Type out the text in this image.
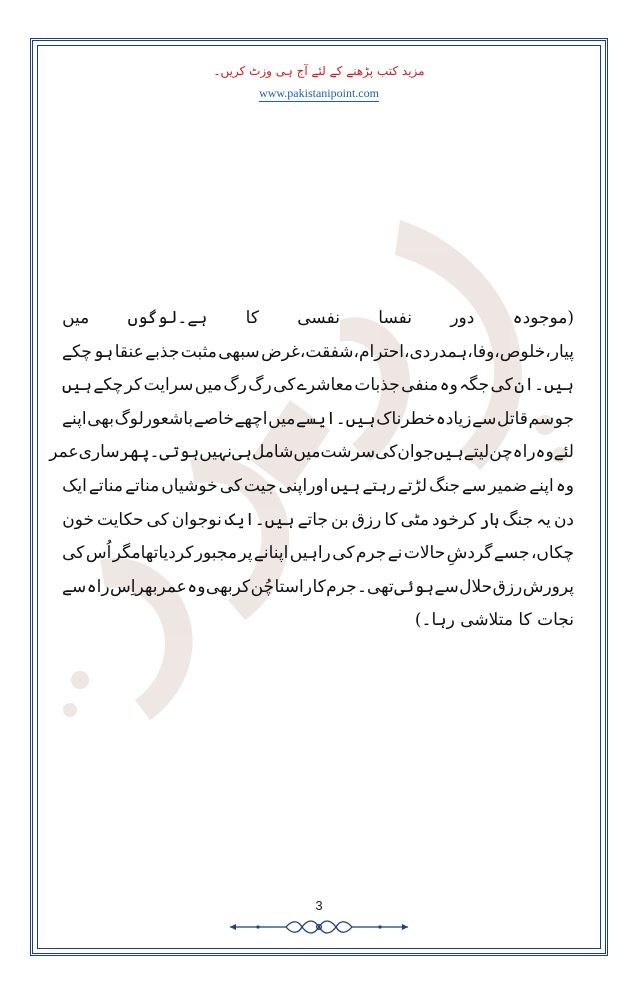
مزید کتب پڑھنے کے لئے آج ہی وزٹ کریں۔
www.pakistanipoint.com
(موجودہ
دور
نفسا
نفسی
کا
ہے۔لوگوں
میں
پیار،خلوص،وفا،ہمدردی،احترام،شفقت،غرض
سبھی
مثبت
جذبے
عنقا
ہو
چکے
ہیں۔ان
کی
جگہ
وہ
منفی
جذبات
معاشرے
کی
رگ
رگ
میں
سرایت
کر
چکے
ہیں
جو
سم
قاتل
سے
زیادہ
خطرناک
ہیں۔ایسے
میں
اچھے
خاصے
باشعورلوگ
بھی
اپنے
لئے
وہ
راہ
چن
لیتے
ہیں
جو
ان
کی
سرشت
میں
شامل
ہی
نہیں
ہوتی۔پھر
ساری
عمر
وہ
اپنے
ضمیر
سے
جنگ
لڑتے
رہتے
ہیں
اوراپنی
جیت
کی
خوشیاں
مناتے
مناتے
ایک
دن
یہ
جنگ
ہار
کرخود
مٹی
کا
رزق
بن
جاتے
ہیں۔ایک
نوجوان
کی
حکایت
خون
چکاں،
جسے
گردشِ
حالات
نے
جرم
کی
راہیں
اپنانے
پر
مجبور
کردیاتھامگر
اُس
کی
پرورش
رزق
حلال
سے
ہوئی
تھی۔
جرم
کا
راستا
چُن
کربھی
وہ
عمربھراِس
راہ
سے
نجات کا متلاشی رہا۔)
3
